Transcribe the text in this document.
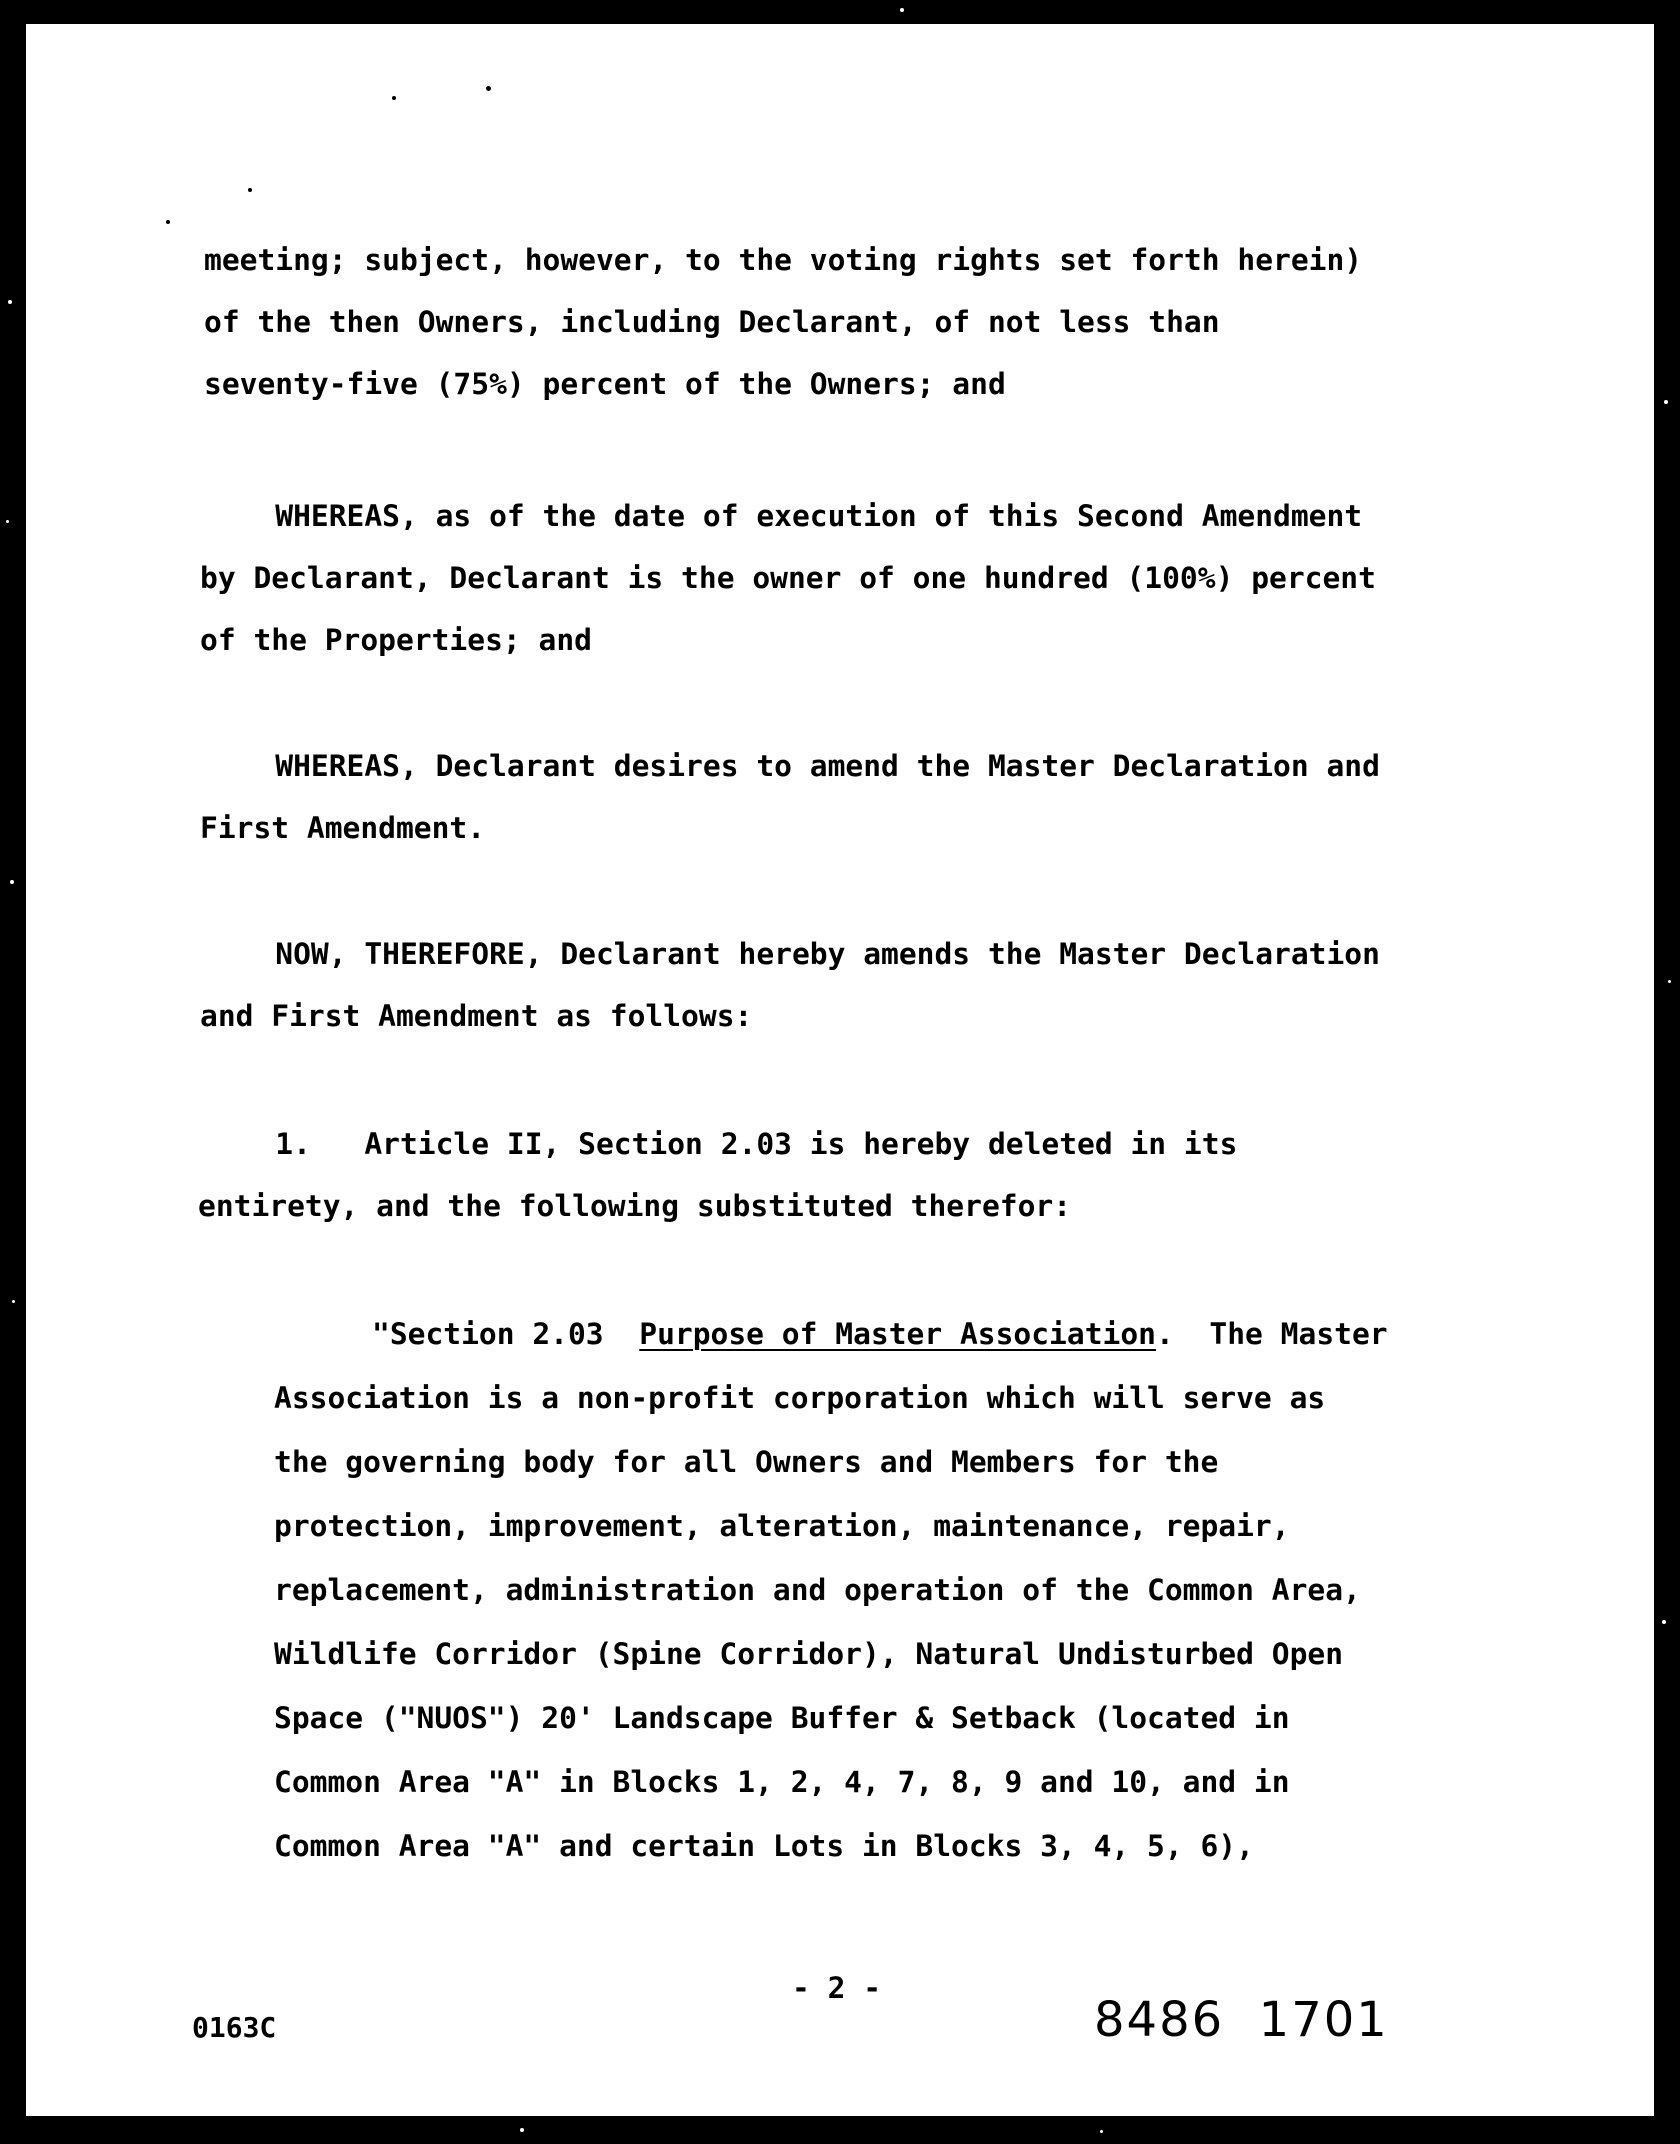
meeting; subject, however, to the voting rights set forth herein)
of the then Owners, including Declarant, of not less than
seventy-five (75%) percent of the Owners; and
WHEREAS, as of the date of execution of this Second Amendment
by Declarant, Declarant is the owner of one hundred (100%) percent
of the Properties; and
WHEREAS, Declarant desires to amend the Master Declaration and
First Amendment.
NOW, THEREFORE, Declarant hereby amends the Master Declaration
and First Amendment as follows:
1.   Article II, Section 2.03 is hereby deleted in its
entirety, and the following substituted therefor:
"Section 2.03  Purpose of Master Association.  The Master
Association is a non-profit corporation which will serve as
the governing body for all Owners and Members for the
protection, improvement, alteration, maintenance, repair,
replacement, administration and operation of the Common Area,
Wildlife Corridor (Spine Corridor), Natural Undisturbed Open
Space ("NUOS") 20' Landscape Buffer & Setback (located in
Common Area "A" in Blocks 1, 2, 4, 7, 8, 9 and 10, and in
Common Area "A" and certain Lots in Blocks 3, 4, 5, 6),
- 2 -
0163C	8486  1701
